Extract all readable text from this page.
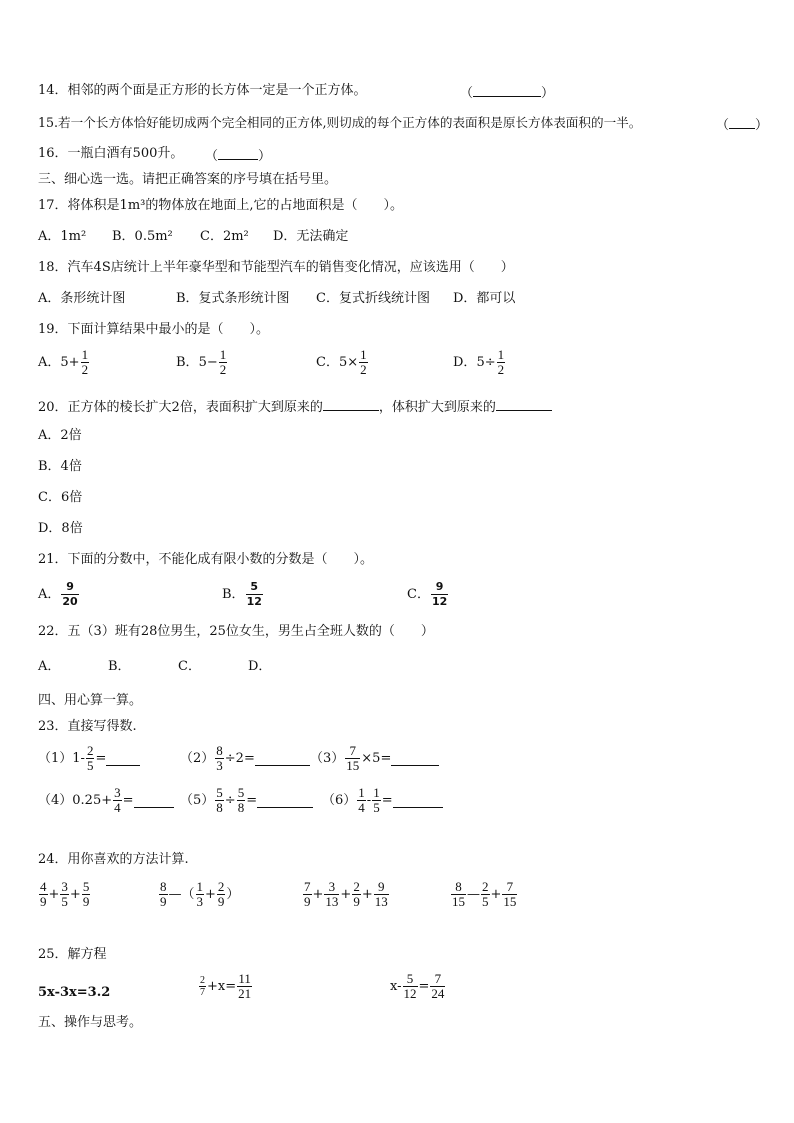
14．相邻的两个面是正方形的长方体一定是一个正方体。	（	）
15.若一个长方体恰好能切成两个完全相同的正方体,则切成的每个正方体的表面积是原长方体表面积的一半。	（ ）
16．一瓶白酒有500升。 （	）
三、细心选一选。请把正确答案的序号填在括号里。
17．将体积是1m³的物体放在地面上,它的占地面积是（　　）。
A．1m² B．0.5m² C．2m² D．无法确定
18．汽车4S店统计上半年豪华型和节能型汽车的销售变化情况，应该选用（　　）
A．条形统计图	B．复式条形统计图 C．复式折线统计图 D．都可以
19．下面计算结果中最小的是（　　）。
A．$5+ \frac{1}{2}$	B．$5- \frac{1}{2}$	C．$5\times \frac{1}{2}$	D．$5\div \frac{1}{2}$
20．正方体的棱长扩大2倍，表面积扩大到原来的	，体积扩大到原来的
A．2倍
B．4倍
C．6倍
D．8倍
21．下面的分数中，不能化成有限小数的分数是（　　）。
A． $\frac{9}{20}$	B． $\frac{5}{12}$	C． $\frac{9}{12}$
22．五（3）班有28位男生，25位女生，男生占全班人数的（　　）
A．	B．	C．	D．
四、用心算一算。
23．直接写得数.
$(1)1- \frac{2}{5}$ =	$(2) \frac{8}{3} \div 2=$	$(3) \frac{7}{15} \times 5=$
$(4)0.25+ \frac{3}{4}$ =	$(5) \frac{5}{8} \div \frac{5}{8}$ =	$(6) \frac{1}{4} - \frac{1}{5}$ =
24．用你喜欢的方法计算.
$\frac{4}{9} + \frac{3}{5} + \frac{5}{9}$	$\frac{8}{9}$ —（ $\frac{1}{3} + \frac{2}{9}$ ）	$\frac{7}{9} + \frac{3}{13} + \frac{2}{9} + \frac{9}{13}$	$\frac{8}{15}$ — $\frac{2}{5} + \frac{7}{15}$
25．解方程
5x-3x=3.2	$\frac{2}{7} +x= \frac{11}{21}$	$x- \frac{5}{12} = \frac{7}{24}$
五、操作与思考。
